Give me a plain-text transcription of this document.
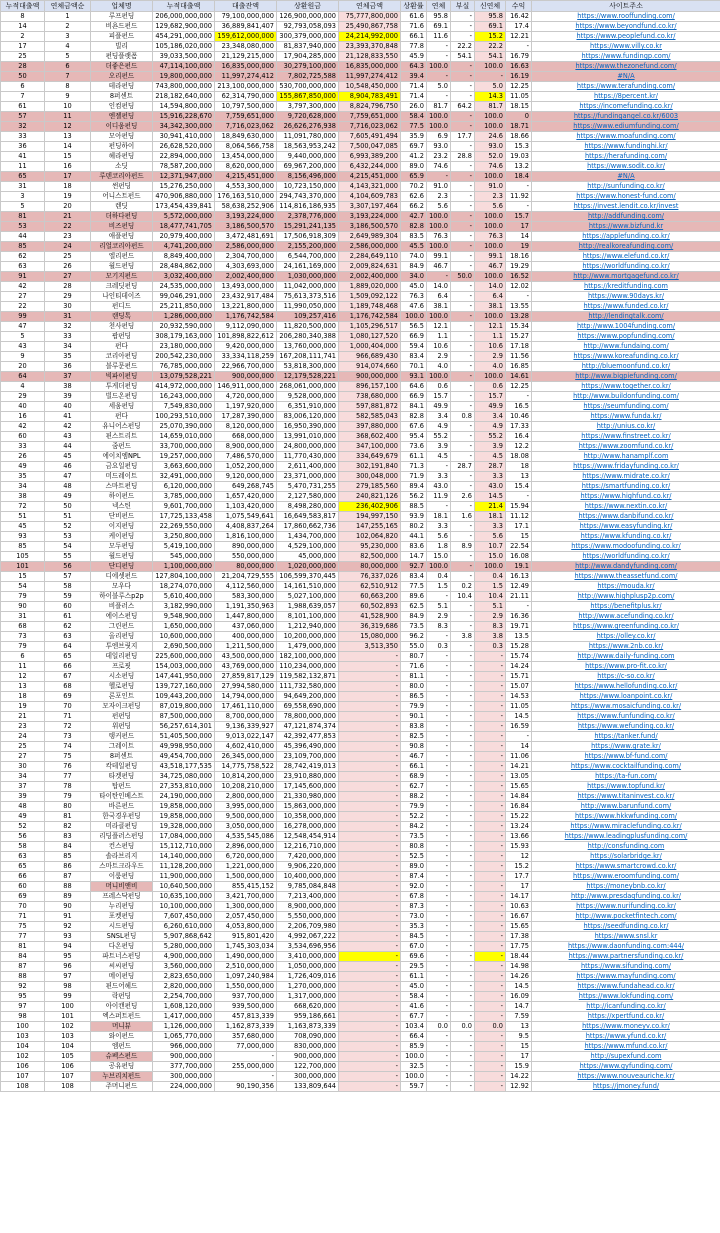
누적대출액	연체금액순	업체명	누적대출액	대출잔액	상환원금	연체금액	상환률	연체	부실	신연체	수익	사이트주소
8	1	루프펀딩	206,000,000,000	79,100,000,000	126,900,000,000	75,777,800,000	61.6	95.8	-	95.8	16.42	https://www.rooffunding.com/
14	2	비욘드펀드	129,682,900,000	36,889,841,407	92,793,058,093	25,490,867,758	71.6	69.1	-	69.1	17.4	https://www.beyondfund.co.kr/
2	3	피플펀드	454,291,000,000	159,612,000,000	300,379,000,000	24,214,992,000	66.1	11.6	-	15.2	12.21	https://www.peoplefund.co.kr/
17	4	빌리	105,186,020,000	23,348,080,000	81,837,940,000	23,393,370,848	77.8	-	22.2	22.2	-	https://www.villy.co.kr
25	5	펀딩플랫폼	39,033,500,000	21,129,215,000	17,904,285,000	21,128,833,550	45.9	-	54.1	54.1	16.79	https://www.fundingp.com/
28	6	더좋은펀드	47,114,100,000	16,835,000,000	30,279,100,000	16,835,000,000	64.3	100.0	-	100.0	16.63	https://www.thezonefund.com/
50	7	오리펀드	19,800,000,000	11,997,274,412	7,802,725,588	11,997,274,412	39.4	-	-	-	16.19	#N/A
6	8	테라펀딩	743,800,000,000	213,100,000,000	530,700,000,000	10,548,450,000	71.4	5.0	-	5.0	12.25	https://www.terafunding.com/
7	9	8퍼센트	218,182,640,000	62,314,790,000	155,867,850,000	8,904,783,491	71.4	-	-	14.3	11.05	https://8percent.kr/
61	10	인컴펀딩	14,594,800,000	10,797,500,000	3,797,300,000	8,824,796,750	26.0	81.7	64.2	81.7	18.15	https://incomefunding.co.kr/
57	11	엔젤펀딩	15,916,228,670	7,759,651,000	9,720,628,000	7,759,651,000	58.4	100.0	-	100.0	0	https://fundingangel.co.kr/6003
32	12	이디움펀딩	34,342,300,000	7,716,023,062	26,626,276,938	7,716,023,062	77.5	100.0	-	100.0	18.71	https://www.ediumfunding.com/
33	13	모아펀딩	30,941,410,000	18,849,630,000	11,091,780,000	7,605,491,494	35.9	6.9	17.7	24.6	18.66	https://www.moafunding.com/
36	14	펀딩하이	26,628,520,000	8,064,566,758	18,563,953,242	7,500,047,085	69.7	93.0	-	93.0	15.3	https://www.fundinghi.kr/
41	15	헤라펀딩	22,894,000,000	13,454,000,000	9,440,000,000	6,993,389,200	41.2	23.2	28.8	52.0	19.03	https://herafunding.com/
11	16	소딧	78,587,200,000	8,620,000,000	69,967,200,000	6,432,244,000	89.0	74.6	-	74.6	13.2	https://www.sodit.co.kr/
65	17	루덴코리아펀드	12,371,947,000	4,215,451,000	8,156,496,000	4,215,451,000	65.9	-	-	100.0	18.4	#N/A
31	18	썬펀딩	15,276,250,000	4,553,300,000	10,723,150,000	4,143,321,000	70.2	91.0	-	91.0	-	http://sunfunding.co.kr/
3	19	어니스트펀드	470,906,880,000	176,163,510,000	294,743,370,000	4,104,609,783	62.6	2.3	-	2.3	11.92	https://www.honest-fund.com/
5	20	렌딧	173,454,439,841	58,638,252,906	114,816,186,935	3,307,197,464	66.2	5.6	-	5.6	-	https://invest.lendit.co.kr/invest
81	21	더하다펀딩	5,572,000,000	3,193,224,000	2,378,776,000	3,193,224,000	42.7	100.0	-	100.0	15.7	http://addfunding.com/
53	22	비즈펀딩	18,477,741,705	3,186,500,570	15,291,241,135	3,186,500,570	82.8	100.0	-	100.0	17	https://www.bizfund.kr
44	23	애플펀딩	20,979,400,000	3,472,481,691	17,506,918,309	2,649,989,304	83.5	76.3	-	76.3	14	https://applefunding.co.kr/
85	24	리얼코리아펀드	4,741,200,000	2,586,000,000	2,155,200,000	2,586,000,000	45.5	100.0	-	100.0	19	http://realkoreafunding.com/
62	25	엘리펀드	8,849,400,000	2,304,700,000	6,544,700,000	2,284,649,110	74.0	99.1	-	99.1	18.16	https://www.elefund.co.kr/
63	26	월드펀딩	28,484,862,000	4,303,693,000	24,161,169,000	2,009,824,631	84.9	46.7	-	46.7	19.29	https://worldfunding.co.kr/
91	27	모기지펀드	3,032,400,000	2,002,400,000	1,030,000,000	2,002,400,000	34.0	-	50.0	100.0	16.52	http://www.mortgagefund.co.kr/
42	28	크레딧펀딩	24,535,000,000	13,493,000,000	11,042,000,000	1,889,020,000	45.0	14.0	-	14.0	12.02	https://kreditfunding.com
27	29	나인티데이즈	99,046,291,000	23,432,917,484	75,613,373,516	1,509,092,122	76.3	6.4	-	6.4	-	https://www.90days.kr/
22	30	펀디드	25,211,850,000	13,221,800,000	11,990,050,000	1,189,748,468	47.6	38.1	-	38.1	13.55	https://www.funded.co.kr/
99	31	랜딩톡	1,286,000,000	1,176,742,584	109,257,416	1,176,742,584	100.0	100.0	-	100.0	13.28	http://lendingtalk.com/
47	32	천사펀딩	20,932,590,000	9,112,090,000	11,820,500,000	1,105,296,517	56.5	12.1	-	12.1	15.34	http://www.1004funding.com/
5	33	팝펀딩	308,179,163,000	101,898,822,612	206,280,340,388	1,080,127,520	66.9	1.1	-	1.1	15.27	https://www.popfunding.com/
43	34	펀다	23,180,000,000	9,420,000,000	13,760,000,000	1,000,404,000	59.4	10.6	-	10.6	17.18	http://www.fundaing.com/
9	35	코리아펀딩	200,542,230,000	33,334,118,259	167,208,111,741	966,689,430	83.4	2.9	-	2.9	11.56	https://www.koreafunding.co.kr/
20	36	블루문펀드	76,785,000,000	22,966,700,000	53,818,300,000	914,074,660	70.1	4.0	-	4.0	16.85	http://bluemoonfund.co.kr/
64	37	빅파이펀딩	13,079,528,221	900,000,000	12,179,528,221	900,000,000	93.1	100.0	-	100.0	14.61	http://www.bigpiefunding.com/
4	38	투게더펀딩	414,972,000,000	146,911,000,000	268,061,000,000	896,157,100	64.6	0.6	-	0.6	12.25	https://www.together.co.kr/
29	39	빌드온펀딩	16,243,000,000	4,720,000,000	9,528,000,000	738,680,000	66.9	15.7	-	15.7	-	http://www.buildonfunding.com/
40	40	세움펀딩	7,549,830,000	1,197,920,000	6,351,910,000	597,881,872	84.1	49.9	-	49.9	16.5	https://seumfunding.com/
16	41	펀다	100,293,510,000	17,287,390,000	83,006,120,000	582,585,043	82.8	3.4	0.8	3.4	10.46	https://www.funda.kr/
42	42	유니어스펀딩	25,070,390,000	8,120,000,000	16,950,390,000	397,880,000	67.6	4.9	-	4.9	17.33	http://unius.co.kr/
60	43	핀스트리트	14,659,010,000	668,000,000	13,991,010,000	368,602,400	95.4	55.2	-	55.2	16.4	https://www.finstreet.co.kr/
33	44	줌펀드	33,700,000,000	8,900,000,000	24,800,000,000	347,100,000	73.6	3.9	-	3.9	12.2	https://www.zoomfund.co.kr/
26	45	에이치엠NPL	19,257,000,000	7,486,570,000	11,770,430,000	334,649,679	61.1	4.5	-	4.5	18.08	http://www.hanamplf.com
49	46	금요일펀딩	3,663,600,000	1,052,200,000	2,611,400,000	302,191,840	71.3	-	28.7	28.7	18	https://www.fridayfunding.co.kr/
35	47	미드레이트	32,491,000,000	9,120,000,000	23,371,000,000	300,048,000	71.9	3.3	-	3.3	13	https://www.midrate.co.kr/
34	48	스마트펀딩	6,120,000,000	649,268,745	5,470,731,255	279,185,560	89.4	43.0	-	43.0	15.4	https://smartfunding.co.kr/
38	49	하이펀드	3,785,000,000	1,657,420,000	2,127,580,000	240,821,126	56.2	11.9	2.6	14.5	-	https://www.highfund.co.kr/
72	50	넥스틴	9,601,700,000	1,103,420,000	8,498,280,000	236,402,906	88.5	-	-	21.4	15.94	https://www.nextin.co.kr/
51	51	단비펀드	17,725,133,458	1,075,549,641	16,649,583,817	194,997,150	93.9	18.1	1.6	18.1	11.12	https://www.danbifund.co.kr/
45	52	이지펀딩	22,269,550,000	4,408,837,264	17,860,662,736	147,255,165	80.2	3.3	-	3.3	17.1	https://www.easyfunding.kr/
93	53	케이펀딩	3,250,800,000	1,816,100,000	1,434,700,000	102,064,820	44.1	5.6	-	5.6	15	https://www.kfunding.co.kr/
85	54	모두펀딩	5,419,100,000	890,000,000	4,529,100,000	95,230,000	83.6	1.8	8.9	10.7	22.54	https://www.modoofunding.co.kr/
105	55	월드펀딩	545,000,000	550,000,000	45,000,000	82,500,000	14.7	15.0	-	15.0	16.08	https://worldfunding.co.kr/
101	56	단디펀딩	1,100,000,000	80,000,000	1,020,000,000	80,000,000	92.7	100.0	-	100.0	19.1	http://www.dandyfunding.com/
15	57	디에셋펀드	127,804,100,000	21,204,729,555	106,599,370,445	76,337,026	83.4	0.4	-	0.4	16.13	https://www.theassetfund.com/
54	58	모우다	18,274,070,000	4,112,560,000	14,161,510,000	62,510,912	77.5	1.5	0.2	1.5	12.49	https://mouda.kr/
79	59	하이블루스p2p	5,610,400,000	583,300,000	5,027,100,000	60,663,200	89.6	-	10.4	10.4	21.11	http://www.highplusp2p.com/
90	60	비플러스	3,182,990,000	1,191,350,963	1,988,639,057	60,502,893	62.5	5.1	-	5.1	-	https://benefitplus.kr/
31	61	에이스펀딩	9,548,900,000	1,447,800,000	8,101,100,000	41,528,900	84.9	2.9	-	2.9	16.36	http://www.acefunding.co.kr/
68	62	그린펀드	1,650,000,000	437,060,000	1,212,940,000	36,319,686	73.5	8.3	-	8.3	19.71	https://www.greenfunding.co.kr/
73	63	올리펀딩	10,600,000,000	400,000,000	10,200,000,000	15,080,000	96.2	-	3.8	3.8	13.5	https://olley.co.kr/
79	64	투엔브릿지	2,690,500,000	1,211,500,000	1,479,000,000	3,513,350	55.0	0.3	-	0.3	15.28	https://www.2nb.co.kr/
6	65	데일리펀딩	225,600,000,000	43,500,000,000	182,100,000,000	-	80.7	-	-	-	15.74	http://www.daily-funding.com
11	66	프로핏	154,003,000,000	43,769,000,000	110,234,000,000	-	71.6	-	-	-	14.24	https://www.pro-fit.co.kr/
12	67	시소펀딩	147,441,950,000	27,859,817,129	119,582,132,871	-	81.1	-	-	-	15.71	https://c-so.co.kr/
13	68	헬로펀딩	139,727,160,000	27,994,580,000	111,732,580,000	-	80.0	-	-	-	15.07	https://www.hellofunding.co.kr/
18	69	론포인트	109,443,200,000	14,794,000,000	94,649,200,000	-	86.5	-	-	-	14.53	https://www.loanpoint.co.kr/
19	70	모자이크펀딩	87,019,800,000	17,461,110,000	69,558,690,000	-	79.9	-	-	-	11.05	https://www.mosaicfunding.co.kr/
21	71	펀펀딩	87,500,000,000	8,700,000,000	78,800,000,000	-	90.1	-	-	-	14.5	https://www.funfunding.co.kr/
23	72	위펀딩	56,257,614,301	9,136,339,927	47,121,874,374	-	83.8	-	-	-	16.59	https://www.wefunding.co.kr/
24	73	탱커펀드	51,405,500,000	9,013,022,147	42,392,477,853	-	82.5	-	-	-	-	https://tanker.fund/
25	74	그레이트	49,998,950,000	4,602,410,000	45,396,490,000	-	90.8	-	-	-	14	https://www.grate.kr/
27	75	8퍼센트	49,454,700,000	26,345,000,000	23,109,700,000	-	46.7	-	-	-	11.06	https://www.bf-fund.com/
30	76	칵테일펀딩	43,518,177,535	14,775,758,522	28,742,419,013	-	66.1	-	-	-	14.21	https://www.cocktailfunding.com/
34	77	타겟펀딩	34,725,080,000	10,814,200,000	23,910,880,000	-	68.9	-	-	-	13.05	https://ta-fun.com/
37	78	탑펀드	27,353,810,000	10,208,210,000	17,145,600,000	-	62.7	-	-	-	15.65	https://www.topfund.kr/
39	79	타이탄인베스트	24,190,000,000	2,800,000,000	21,330,980,000	-	88.2	-	-	-	14.84	https://www.titaninvest.co.kr/
48	80	바른펀드	19,858,000,000	3,995,000,000	15,863,000,000	-	79.9	-	-	-	16.84	http://www.barunfund.com/
49	81	한국경우펀딩	19,858,000,000	9,500,000,000	10,358,000,000	-	52.2	-	-	-	15.22	https://www.hkkwfunding.com/
52	82	미라클펀딩	19,328,000,000	3,050,000,000	16,278,000,000	-	84.2	-	-	-	13.24	https://www.miraclefunding.co.kr/
56	83	리딩플러스펀딩	17,084,000,000	4,535,545,086	12,548,454,914	-	73.5	-	-	-	13.66	https://www.leadingplusfunding.com/
58	84	컨스펀딩	15,112,710,000	2,896,000,000	12,216,710,000	-	80.8	-	-	-	15.93	http://consfunding.com
63	85	솔라브리지	14,140,000,000	6,720,000,000	7,420,000,000	-	52.5	-	-	-	12	https://solarbridge.kr/
65	86	스마트크라우드	11,128,200,000	1,221,000,000	9,906,220,000	-	89.0	-	-	-	15.2	https://www.smartcrowd.co.kr/
66	87	이룸펀딩	11,900,000,000	1,500,000,000	10,400,000,000	-	87.4	-	-	-	17.7	https://www.eroomfunding.com/
60	88	머니비앤비	10,640,500,000	855,415,152	9,785,084,848	-	92.0	-	-	-	17	https://moneybnb.co.kr/
69	89	프레스닥펀딩	10,635,100,000	3,421,700,000	7,213,400,000	-	67.8	-	-	-	14.17	http://www.presdaqfunding.co.kr/
70	90	누리펀딩	10,100,000,000	1,300,000,000	8,900,000,000	-	87.3	-	-	-	10.63	https://www.nurifunding.co.kr/
71	91	포켓펀딩	7,607,450,000	2,057,450,000	5,550,000,000	-	73.0	-	-	-	16.67	http://www.pocketfintech.com/
75	92	시드펀딩	6,260,610,000	4,053,800,000	2,206,709,980	-	35.3	-	-	-	15.65	https://seedfunding.co.kr/
77	93	SNSL펀딩	5,907,868,642	915,801,420	4,992,067,222	-	84.5	-	-	-	17.38	https://www.snsl.kr
81	94	다온펀딩	5,280,000,000	1,745,303,034	3,534,696,956	-	67.0	-	-	-	17.75	https://www.daonfunding.com:444/
84	95	파트너스펀딩	4,900,000,000	1,490,000,000	3,410,000,000	-	69.6	-	-	-	18.44	https://www.partnersfunding.co.kr/
87	96	씨씨펀딩	3,560,000,000	2,510,000,000	1,050,000,000	-	29.5	-	-	-	14.98	https://www.sifunding.com/
88	97	메이펀딩	2,823,650,000	1,097,240,984	1,726,409,016	-	61.1	-	-	-	14.26	https://www.mayfunding.com/
92	98	핀드어헤드	2,820,000,000	1,550,000,000	1,270,000,000	-	45.0	-	-	-	14.5	https://www.fundahead.co.kr/
95	99	락펀딩	2,254,700,000	937,700,000	1,317,000,000	-	58.4	-	-	-	16.09	https://www.lokfunding.com/
97	100	아이캔펀딩	1,608,120,000	939,500,000	668,620,000	-	41.6	-	-	-	14.7	http://icanfunding.co.kr/
98	101	엑스퍼트펀드	1,417,000,000	457,813,339	959,186,661	-	67.7	-	-	-	7.59	https://xpertfund.co.kr/
100	102	머니뷰	1,126,000,000	1,162,873,339	1,163,873,339	-	103.4	0.0	0.0	0.0	13	https://www.moneyv.co.kr/
103	103	와이펀드	1,065,770,000	357,680,000	708,090,000	-	66.4	-	-	-	9.5	https://www.yfund.co.kr/
104	104	엠펀드	966,000,000	77,000,000	830,000,000	-	85.9	-	-	-	15	https://www.mfund.co.kr/
102	105	슈펙스펀드	900,000,000	-	900,000,000	-	100.0	-	-	-	17	http://supexfund.com
106	106	공유펀딩	377,700,000	255,000,000	122,700,000	-	32.5	-	-	-	15.9	https://www.gyfunding.com/
107	107	누브리치펀드	300,000,000	-	300,000,000	-	100.0	-	-	-	14.22	https://www.nouveauriche.kr/
108	108	주머니펀드	224,000,000	90,190,356	133,809,644	-	59.7	-	-	-	12.92	https://jmoney.fund/
